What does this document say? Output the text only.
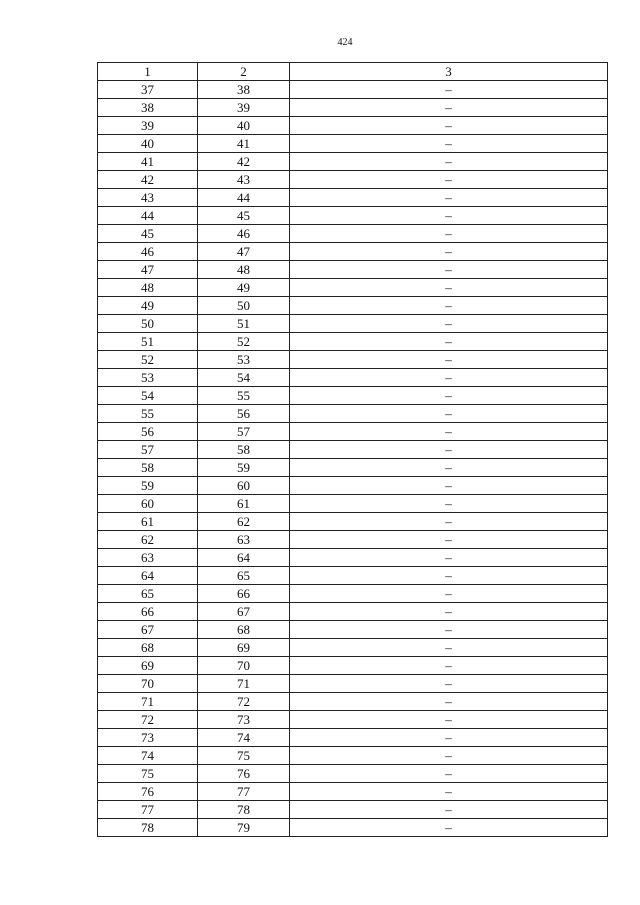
424
1	2	3
37	38	–
38	39	–
39	40	–
40	41	–
41	42	–
42	43	–
43	44	–
44	45	–
45	46	–
46	47	–
47	48	–
48	49	–
49	50	–
50	51	–
51	52	–
52	53	–
53	54	–
54	55	–
55	56	–
56	57	–
57	58	–
58	59	–
59	60	–
60	61	–
61	62	–
62	63	–
63	64	–
64	65	–
65	66	–
66	67	–
67	68	–
68	69	–
69	70	–
70	71	–
71	72	–
72	73	–
73	74	–
74	75	–
75	76	–
76	77	–
77	78	–
78	79	–
